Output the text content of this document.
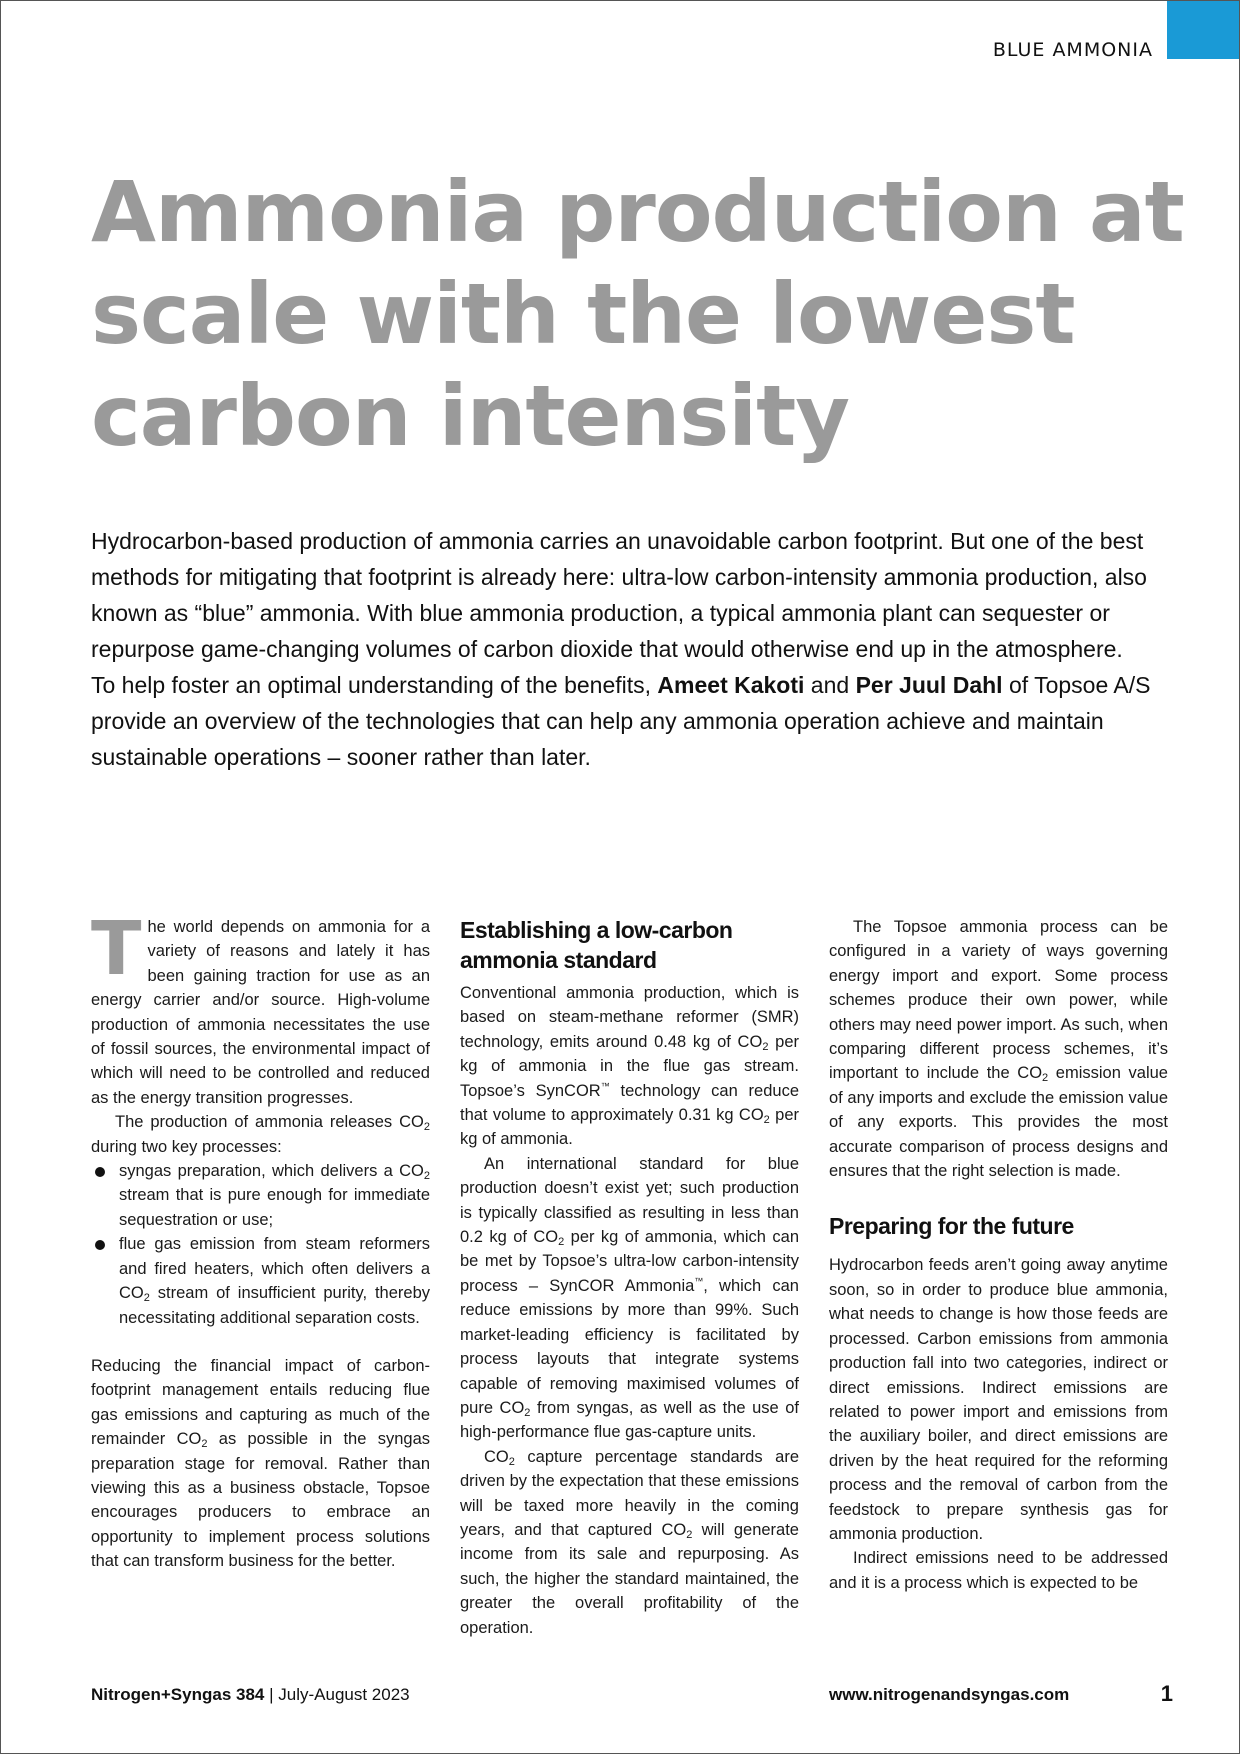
BLUE AMMONIA
Ammonia production at scale with the lowest carbon intensity

Hydrocarbon-based production of ammonia carries an unavoidable carbon footprint. But one of the best methods for mitigating that footprint is already here: ultra-low carbon-intensity ammonia production, also known as “blue” ammonia. With blue ammonia production, a typical ammonia plant can sequester or repurpose game-changing volumes of carbon dioxide that would otherwise end up in the atmosphere. To help foster an optimal understanding of the benefits, Ameet Kakoti and Per Juul Dahl of Topsoe A/S provide an overview of the technologies that can help any ammonia operation achieve and maintain sustainable operations – sooner rather than later.

The world depends on ammonia for a variety of reasons and lately it has been gaining traction for use as an energy carrier and/or source. High-volume production of ammonia necessitates the use of fossil sources, the environmental impact of which will need to be controlled and reduced as the energy transition progresses.

The production of ammonia releases $CO_2$ during two key processes:

syngas preparation, which delivers a $CO_2$ stream that is pure enough for immediate sequestration or use;
flue gas emission from steam reformers and fired heaters, which often delivers a $CO_2$ stream of insufficient purity, thereby necessitating additional separation costs.

Reducing the financial impact of carbon-footprint management entails reducing flue gas emissions and capturing as much of the remainder $CO_2$ as possible in the syngas preparation stage for removal. Rather than viewing this as a business obstacle, Topsoe encourages producers to embrace an opportunity to implement process solutions that can transform business for the better.

Establishing a low-carbon ammonia standard

Conventional ammonia production, which is based on steam-methane reformer (SMR) technology, emits around 0.48 kg of $CO_2$ per kg of ammonia in the flue gas stream. Topsoe’s SynCOR™ technology can reduce that volume to approximately 0.31 kg $CO_2$ per kg of ammonia.

An international standard for blue production doesn’t exist yet; such production is typically classified as resulting in less than 0.2 kg of $CO_2$ per kg of ammonia, which can be met by Topsoe’s ultra-low carbon-intensity process – SynCOR Ammonia™, which can reduce emissions by more than 99%. Such market-leading efficiency is facilitated by process layouts that integrate systems capable of removing maximised volumes of pure $CO_2$ from syngas, as well as the use of high-performance flue gas-capture units.

$CO_2$ capture percentage standards are driven by the expectation that these emissions will be taxed more heavily in the coming years, and that captured $CO_2$ will generate income from its sale and repurposing. As such, the higher the standard maintained, the greater the overall profitability of the operation.

The Topsoe ammonia process can be configured in a variety of ways governing energy import and export. Some process schemes produce their own power, while others may need power import. As such, when comparing different process schemes, it’s important to include the $CO_2$ emission value of any imports and exclude the emission value of any exports. This provides the most accurate comparison of process designs and ensures that the right selection is made.

Preparing for the future

Hydrocarbon feeds aren’t going away anytime soon, so in order to produce blue ammonia, what needs to change is how those feeds are processed. Carbon emissions from ammonia production fall into two categories, indirect or direct emissions. Indirect emissions are related to power import and emissions from the auxiliary boiler, and direct emissions are driven by the heat required for the reforming process and the removal of carbon from the feedstock to prepare synthesis gas for ammonia production.

Indirect emissions need to be addressed and it is a process which is expected to be

Nitrogen+Syngas 384 | July-August 2023	www.nitrogenandsyngas.com	1
